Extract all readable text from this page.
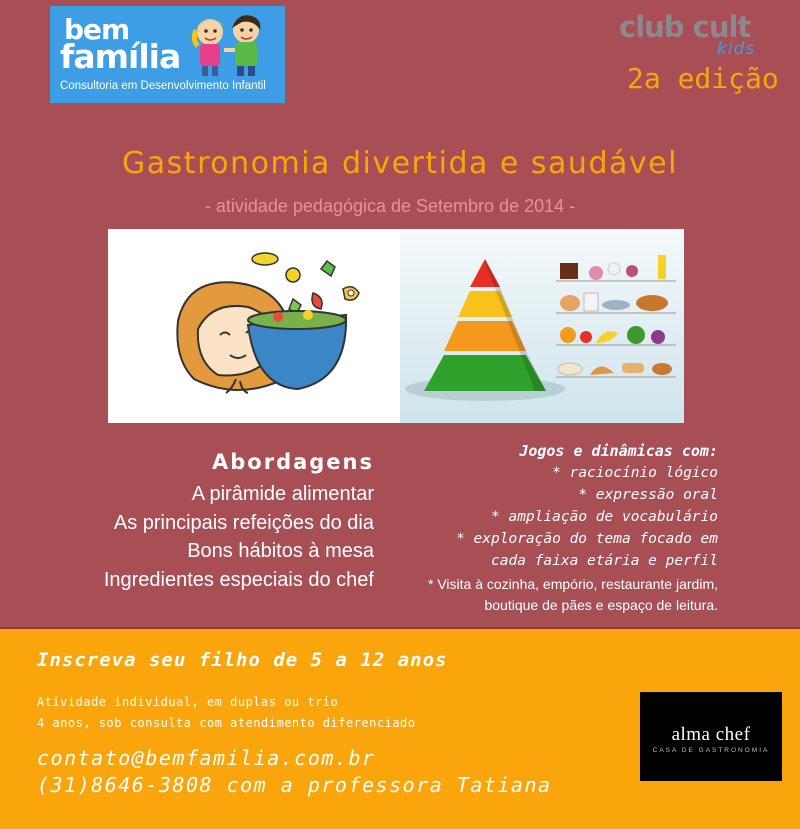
bem
família
Consultoria em Desenvolvimento Infantil
club cult
kids
2a edição
Gastronomia divertida e saudável
- atividade pedagógica de Setembro de 2014 -
Abordagens
A pirâmide alimentar
As principais refeições do dia
Bons hábitos à mesa
Ingredientes especiais do chef
Jogos e dinâmicas com:
* raciocínio lógico
* expressão oral
* ampliação de vocabulário
* exploração do tema focado em
cada faixa etária e perfil
* Visita à cozinha, empório, restaurante jardim,
boutique de pães e espaço de leitura.
Inscreva seu filho de 5 a 12 anos
Atividade individual, em duplas ou trio
4 anos, sob consulta com atendimento diferenciado
contato@bemfamilia.com.br
(31)8646-3808 com a professora Tatiana
alma chef
CASA DE GASTRONOMIA
